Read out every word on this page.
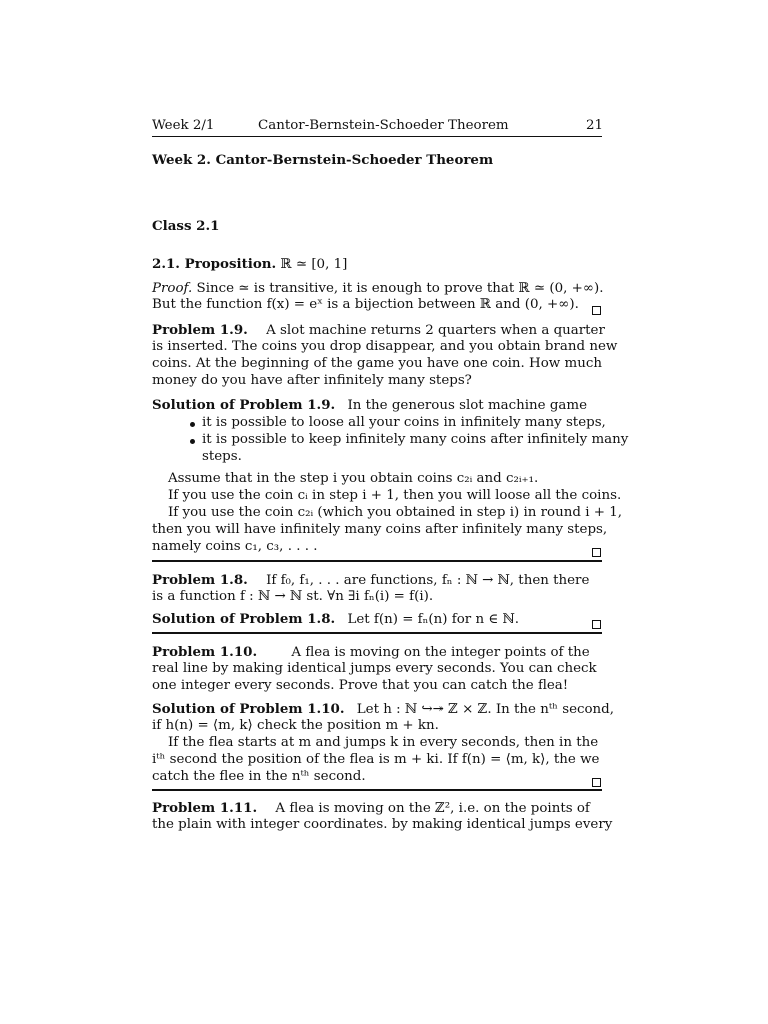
Week 2/1	Cantor-Bernstein-Schoeder Theorem	21
Week 2. Cantor-Bernstein-Schoeder Theorem
Class 2.1
2.1. Proposition. ℝ ≃ [0, 1]
Proof. Since ≃ is transitive, it is enough to prove that ℝ ≃ (0, +∞).
But the function f(x) = eˣ is a bijection between ℝ and (0, +∞).
Problem 1.9. A slot machine returns 2 quarters when a quarter
is inserted. The coins you drop disappear, and you obtain brand new
coins. At the beginning of the game you have one coin. How much
money do you have after infinitely many steps?
Solution of Problem 1.9. In the generous slot machine game
it is possible to loose all your coins in infinitely many steps,
it is possible to keep infinitely many coins after infinitely many
steps.
Assume that in the step i you obtain coins c₂ᵢ and c₂ᵢ₊₁.
If you use the coin cᵢ in step i + 1, then you will loose all the coins.
If you use the coin c₂ᵢ (which you obtained in step i) in round i + 1,
then you will have infinitely many coins after infinitely many steps,
namely coins c₁, c₃, . . . .
Problem 1.8. If f₀, f₁, . . . are functions, fₙ : ℕ → ℕ, then there
is a function f : ℕ → ℕ st. ∀n ∃i fₙ(i) = f(i).
Solution of Problem 1.8. Let f(n) = fₙ(n) for n ∈ ℕ.
Problem 1.10.	A flea is moving on the integer points of the
real line by making identical jumps every seconds. You can check
one integer every seconds. Prove that you can catch the flea!
Solution of Problem 1.10. Let h : ℕ ↪↠ ℤ × ℤ. In the nᵗʰ second,
if h(n) = ⟨m, k⟩ check the position m + kn.
If the flea starts at m and jumps k in every seconds, then in the
iᵗʰ second the position of the flea is m + ki. If f(n) = ⟨m, k⟩, the we
catch the flee in the nᵗʰ second.
Problem 1.11. A flea is moving on the ℤ², i.e. on the points of
the plain with integer coordinates. by making identical jumps every
